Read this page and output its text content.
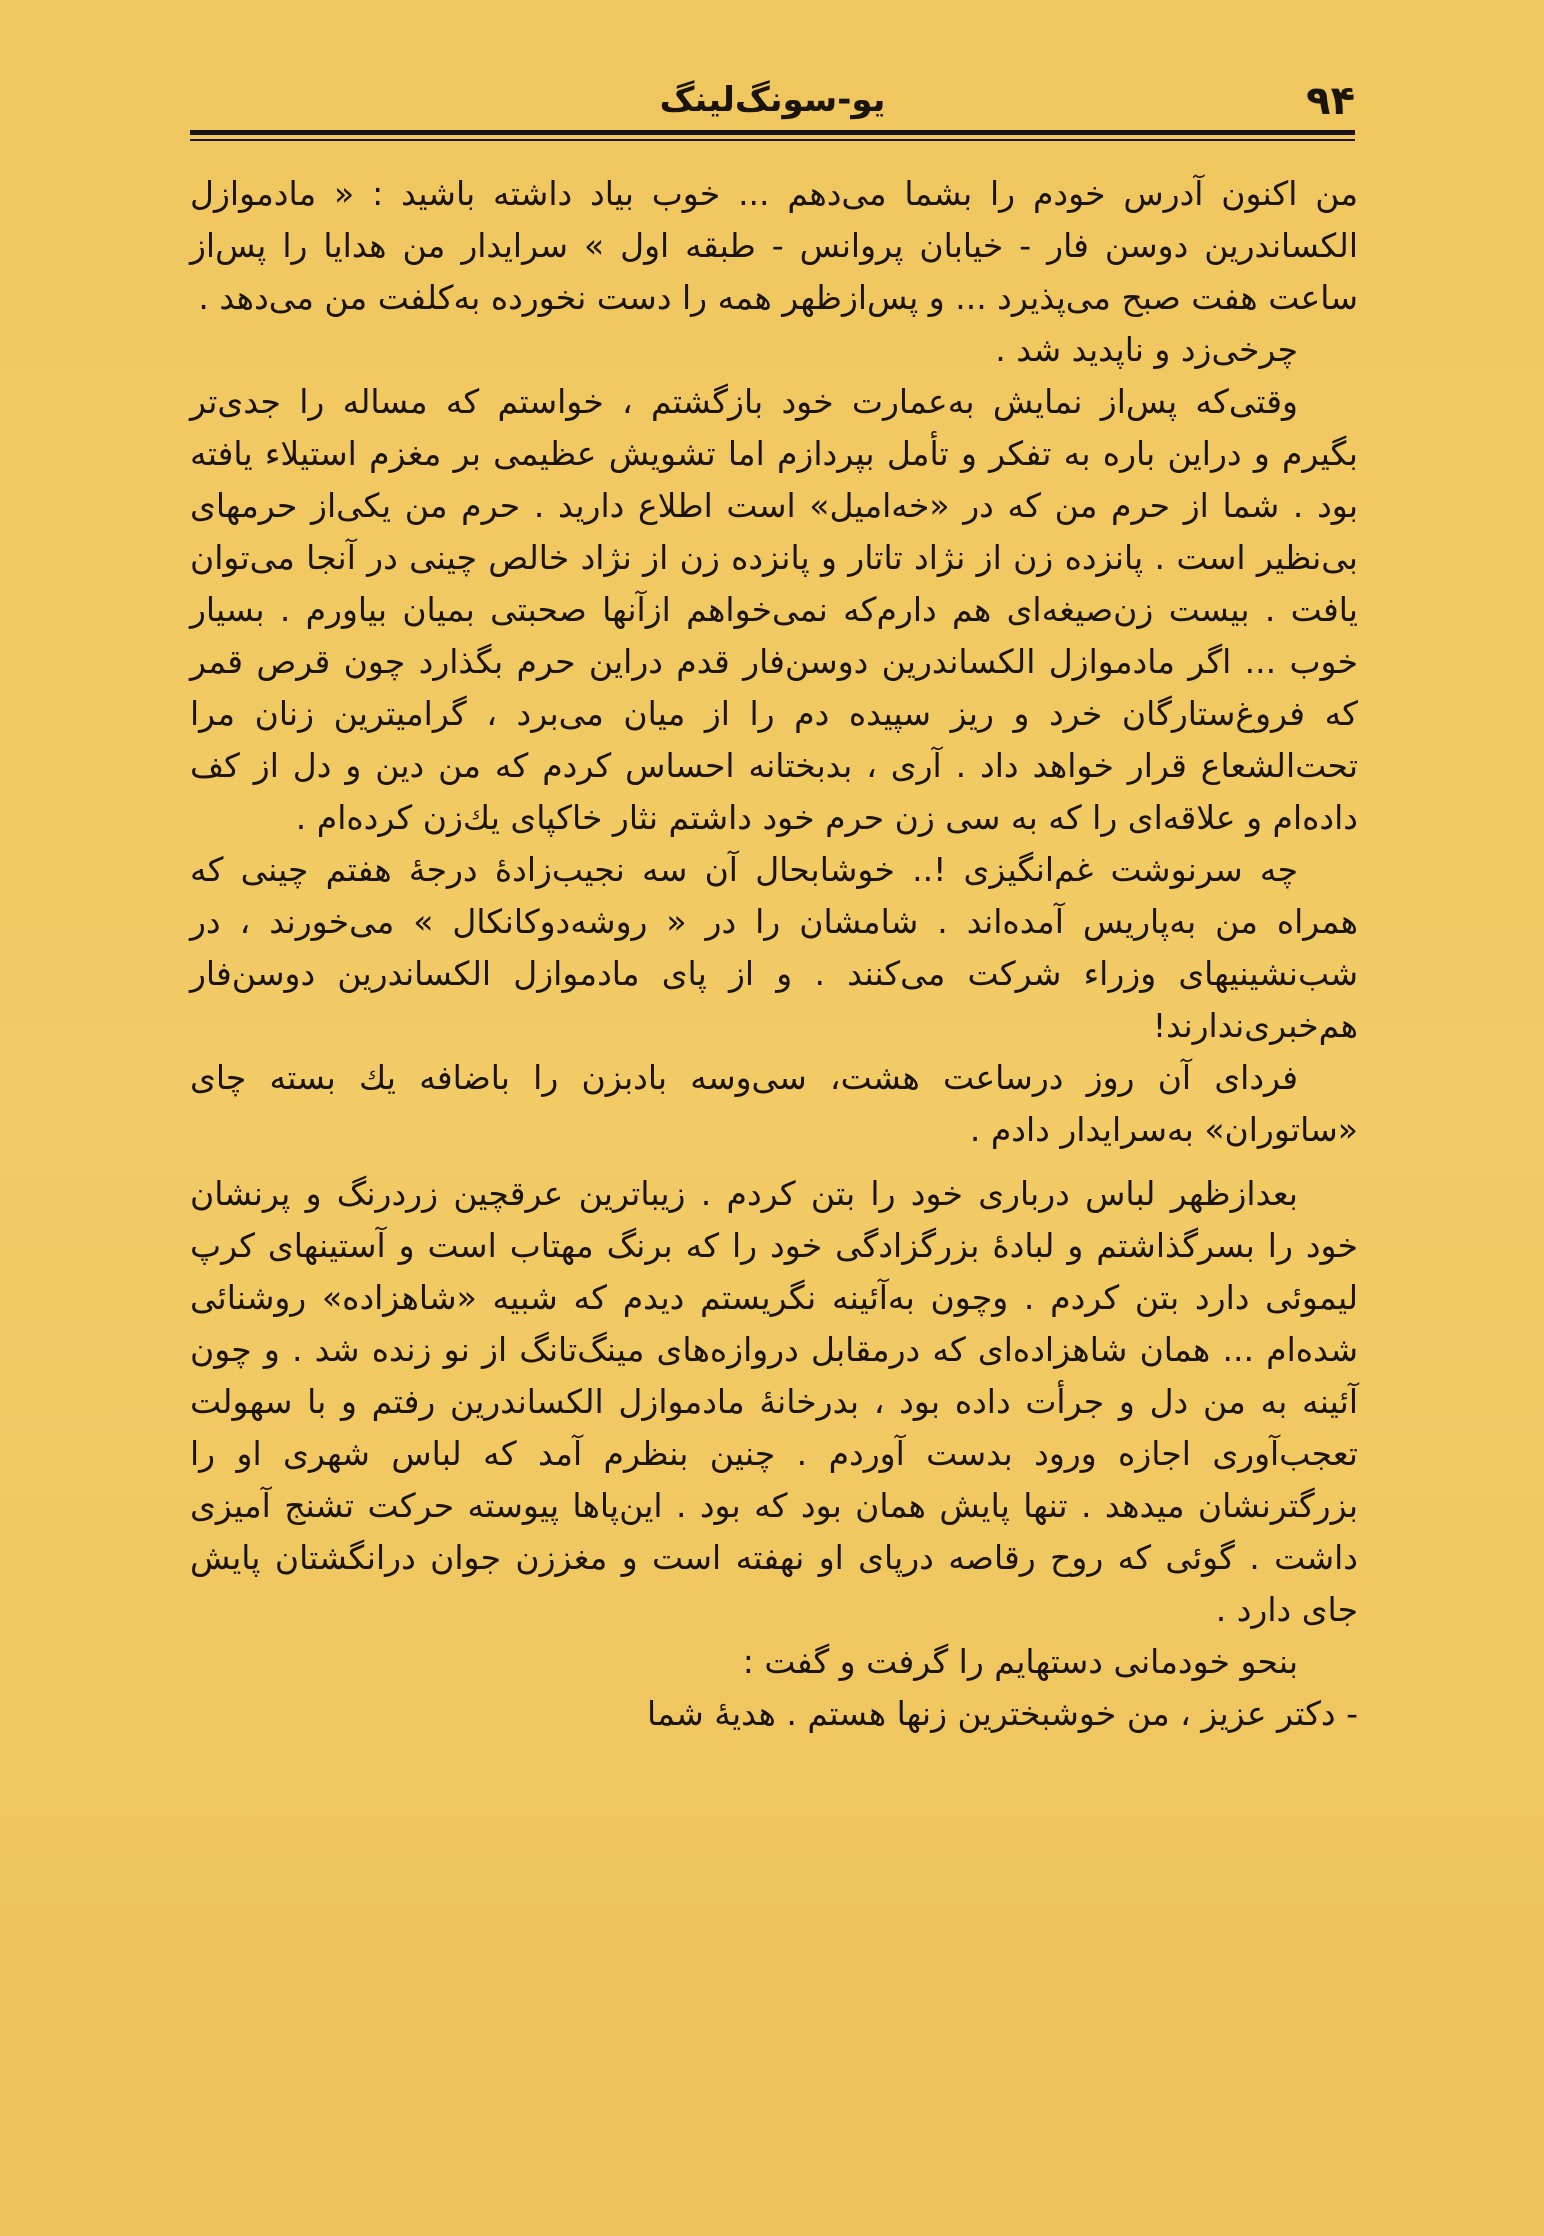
۹۴
یو-سونگ‌لینگ

من اکنون آدرس خودم را بشما می‌دهم ... خوب بیاد داشته باشید : « مادموازل الکساندرین دوسن فار - خیابان پروانس - طبقه اول » سرایدار من هدایا را پس‌از ساعت هفت صبح می‌پذیرد ... و پس‌ازظهر همه را دست نخورده به‌کلفت من می‌دهد .

چرخی‌زد و ناپدید شد .

وقتی‌که پس‌از نمایش به‌عمارت خود بازگشتم ، خواستم که مساله را جدی‌تر بگیرم و دراین باره به تفکر و تأمل بپردازم اما تشویش عظیمی بر مغزم استیلاء یافته بود . شما از حرم من که در «خه‌امیل» است اطلاع دارید . حرم من یکی‌از حرمهای بی‌نظیر است . پانزده زن از نژاد تاتار و پانزده زن از نژاد خالص چینی در آنجا می‌توان یافت . بیست زن‌صیغه‌ای هم دارم‌که نمی‌خواهم ازآنها صحبتی بمیان بیاورم . بسیار خوب ... اگر مادموازل الکساندرین دوسن‌فار قدم دراین حرم بگذارد چون قرص قمر که فروغ‌ستارگان خرد و ریز سپیده دم را از میان می‌برد ، گرامیترین زنان مرا تحت‌الشعاع قرار خواهد داد . آری ، بدبختانه احساس کردم که من دین و دل از کف داده‌ام و علاقه‌ای را که به سی زن حرم خود داشتم نثار خاکپای یك‌زن کرده‌ام .

چه سرنوشت غم‌انگیزی !.. خوشابحال آن سه نجیب‌زادهٔ درجهٔ هفتم چینی که همراه من به‌پاریس آمده‌اند . شامشان را در « روشه‌دوکانکال » می‌خورند ، در شب‌نشینیهای وزراء شرکت می‌کنند . و از پای مادموازل الکساندرین دوسن‌فار هم‌خبری‌ندارند!

فردای آن روز درساعت هشت، سی‌وسه بادبزن را باضافه یك بسته چای «ساتوران» به‌سرایدار دادم .

بعدازظهر لباس درباری خود را بتن کردم . زیباترین عرقچین زردرنگ و پرنشان خود را بسرگذاشتم و لبادهٔ بزرگزادگی خود را که برنگ مهتاب است و آستینهای کرپ لیموئی دارد بتن کردم . وچون به‌آئینه نگریستم دیدم که شبیه «شاهزاده» روشنائی شده‌ام ... همان شاهزاده‌ای که درمقابل دروازه‌های مینگ‌تانگ از نو زنده شد . و چون آئینه به من دل و جرأت داده بود ، بدرخانهٔ مادموازل الکساندرین رفتم و با سهولت تعجب‌آوری اجازه ورود بدست آوردم . چنین بنظرم آمد که لباس شهری او را بزرگترنشان میدهد . تنها پایش همان بود که بود . این‌پاها پیوسته حرکت تشنج آمیزی داشت . گوئی که روح رقاصه درپای او نهفته است و مغززن جوان درانگشتان پایش جای دارد .

بنحو خودمانی دستهایم را گرفت و گفت :

- دکتر عزیز ، من خوشبخترین زنها هستم . هدیهٔ شما
